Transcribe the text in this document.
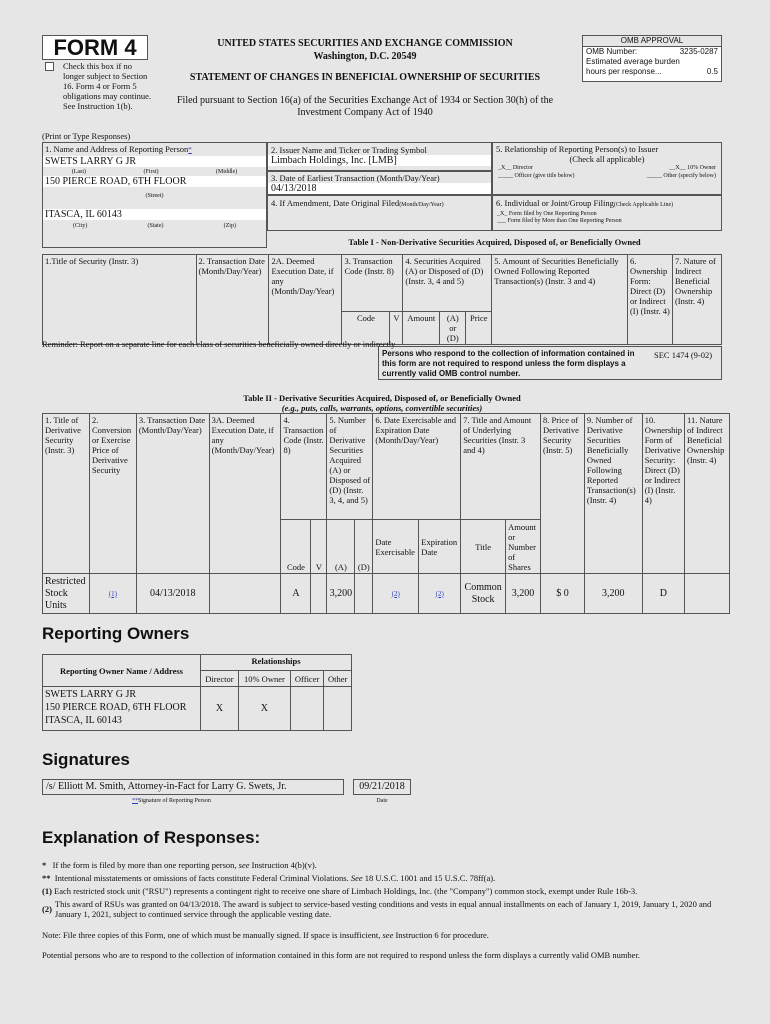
FORM 4
Check this box if no longer subject to Section 16. Form 4 or Form 5 obligations may continue. See Instruction 1(b).
UNITED STATES SECURITIES AND EXCHANGE COMMISSION
Washington, D.C. 20549
STATEMENT OF CHANGES IN BENEFICIAL OWNERSHIP OF SECURITIES
Filed pursuant to Section 16(a) of the Securities Exchange Act of 1934 or Section 30(h) of the Investment Company Act of 1940
OMB APPROVAL
OMB Number:	3235-0287
Estimated average burden
hours per response...	0.5
(Print or Type Responses)
1. Name and Address of Reporting Person*
SWETS LARRY G JR
(Last)	(First)	(Middle)
150 PIERCE ROAD, 6TH FLOOR
(Street)
ITASCA, IL 60143
(City)	(State)	(Zip)
2. Issuer Name and Ticker or Trading Symbol
Limbach Holdings, Inc. [LMB]
3. Date of Earliest Transaction (Month/Day/Year)
04/13/2018
4. If Amendment, Date Original Filed(Month/Day/Year)
5. Relationship of Reporting Person(s) to Issuer
(Check all applicable)
_X__ Director	__X__ 10% Owner
_____ Officer (give title below)	_____ Other (specify below)
6. Individual or Joint/Group Filing(Check Applicable Line)
_X_ Form filed by One Reporting Person
___ Form filed by More than One Reporting Person
Table I - Non-Derivative Securities Acquired, Disposed of, or Beneficially Owned
1.Title of Security (Instr. 3)	2. Transaction Date (Month/Day/Year)	2A. Deemed Execution Date, if any (Month/Day/Year)	3. Transaction Code (Instr. 8)		4. Securities Acquired (A) or Disposed of (D) (Instr. 3, 4 and 5)			5. Amount of Securities Beneficially Owned Following Reported Transaction(s) (Instr. 3 and 4)	6. Ownership Form: Direct (D) or Indirect (I) (Instr. 4)	7. Nature of Indirect Beneficial Ownership (Instr. 4)
			Code	V	Amount	(A) or (D)	Price			
Reminder: Report on a separate line for each class of securities beneficially owned directly or indirectly.
Persons who respond to the collection of information contained in this form are not required to respond unless the form displays a currently valid OMB control number.
SEC 1474 (9-02)
Table II - Derivative Securities Acquired, Disposed of, or Beneficially Owned
(e.g., puts, calls, warrants, options, convertible securities)
1. Title of Derivative Security (Instr. 3)	2. Conversion or Exercise Price of Derivative Security	3. Transaction Date (Month/Day/Year)	3A. Deemed Execution Date, if any (Month/Day/Year)	4. Transaction Code (Instr. 8)		5. Number of Derivative Securities Acquired (A) or Disposed of (D) (Instr. 3, 4, and 5)		6. Date Exercisable and Expiration Date (Month/Day/Year)		7. Title and Amount of Underlying Securities (Instr. 3 and 4)		8. Price of Derivative Security (Instr. 5)	9. Number of Derivative Securities Beneficially Owned Following Reported Transaction(s) (Instr. 4)	10. Ownership Form of Derivative Security: Direct (D) or Indirect (I) (Instr. 4)	11. Nature of Indirect Beneficial Ownership (Instr. 4)
				Code	V	(A)	(D)	Date Exercisable	Expiration Date	Title	Amount or Number of Shares				
Restricted Stock Units	(1)	04/13/2018		A		3,200		(2)	(2)	Common Stock	3,200	$ 0	3,200	D	
Reporting Owners
Reporting Owner Name / Address	Relationships			
	Director	10% Owner	Officer	Other

SWETS LARRY G JR
150 PIERCE ROAD, 6TH FLOOR
ITASCA, IL 60143	X	X		
Signatures
/s/ Elliott M. Smith, Attorney-in-Fact for Larry G. Swets, Jr.	09/21/2018
**Signature of Reporting Person	Date
Explanation of Responses:
* If the form is filed by more than one reporting person, see Instruction 4(b)(v).
** Intentional misstatements or omissions of facts constitute Federal Criminal Violations. See 18 U.S.C. 1001 and 15 U.S.C. 78ff(a).
(1) Each restricted stock unit ("RSU") represents a contingent right to receive one share of Limbach Holdings, Inc. (the "Company") common stock, exempt under Rule 16b-3.
(2) This award of RSUs was granted on 04/13/2018. The award is subject to service-based vesting conditions and vests in equal annual installments on each of January 1, 2019, January 1, 2020 and January 1, 2021, subject to continued service through the applicable vesting date.
Note: File three copies of this Form, one of which must be manually signed. If space is insufficient, see Instruction 6 for procedure.
Potential persons who are to respond to the collection of information contained in this form are not required to respond unless the form displays a currently valid OMB number.
